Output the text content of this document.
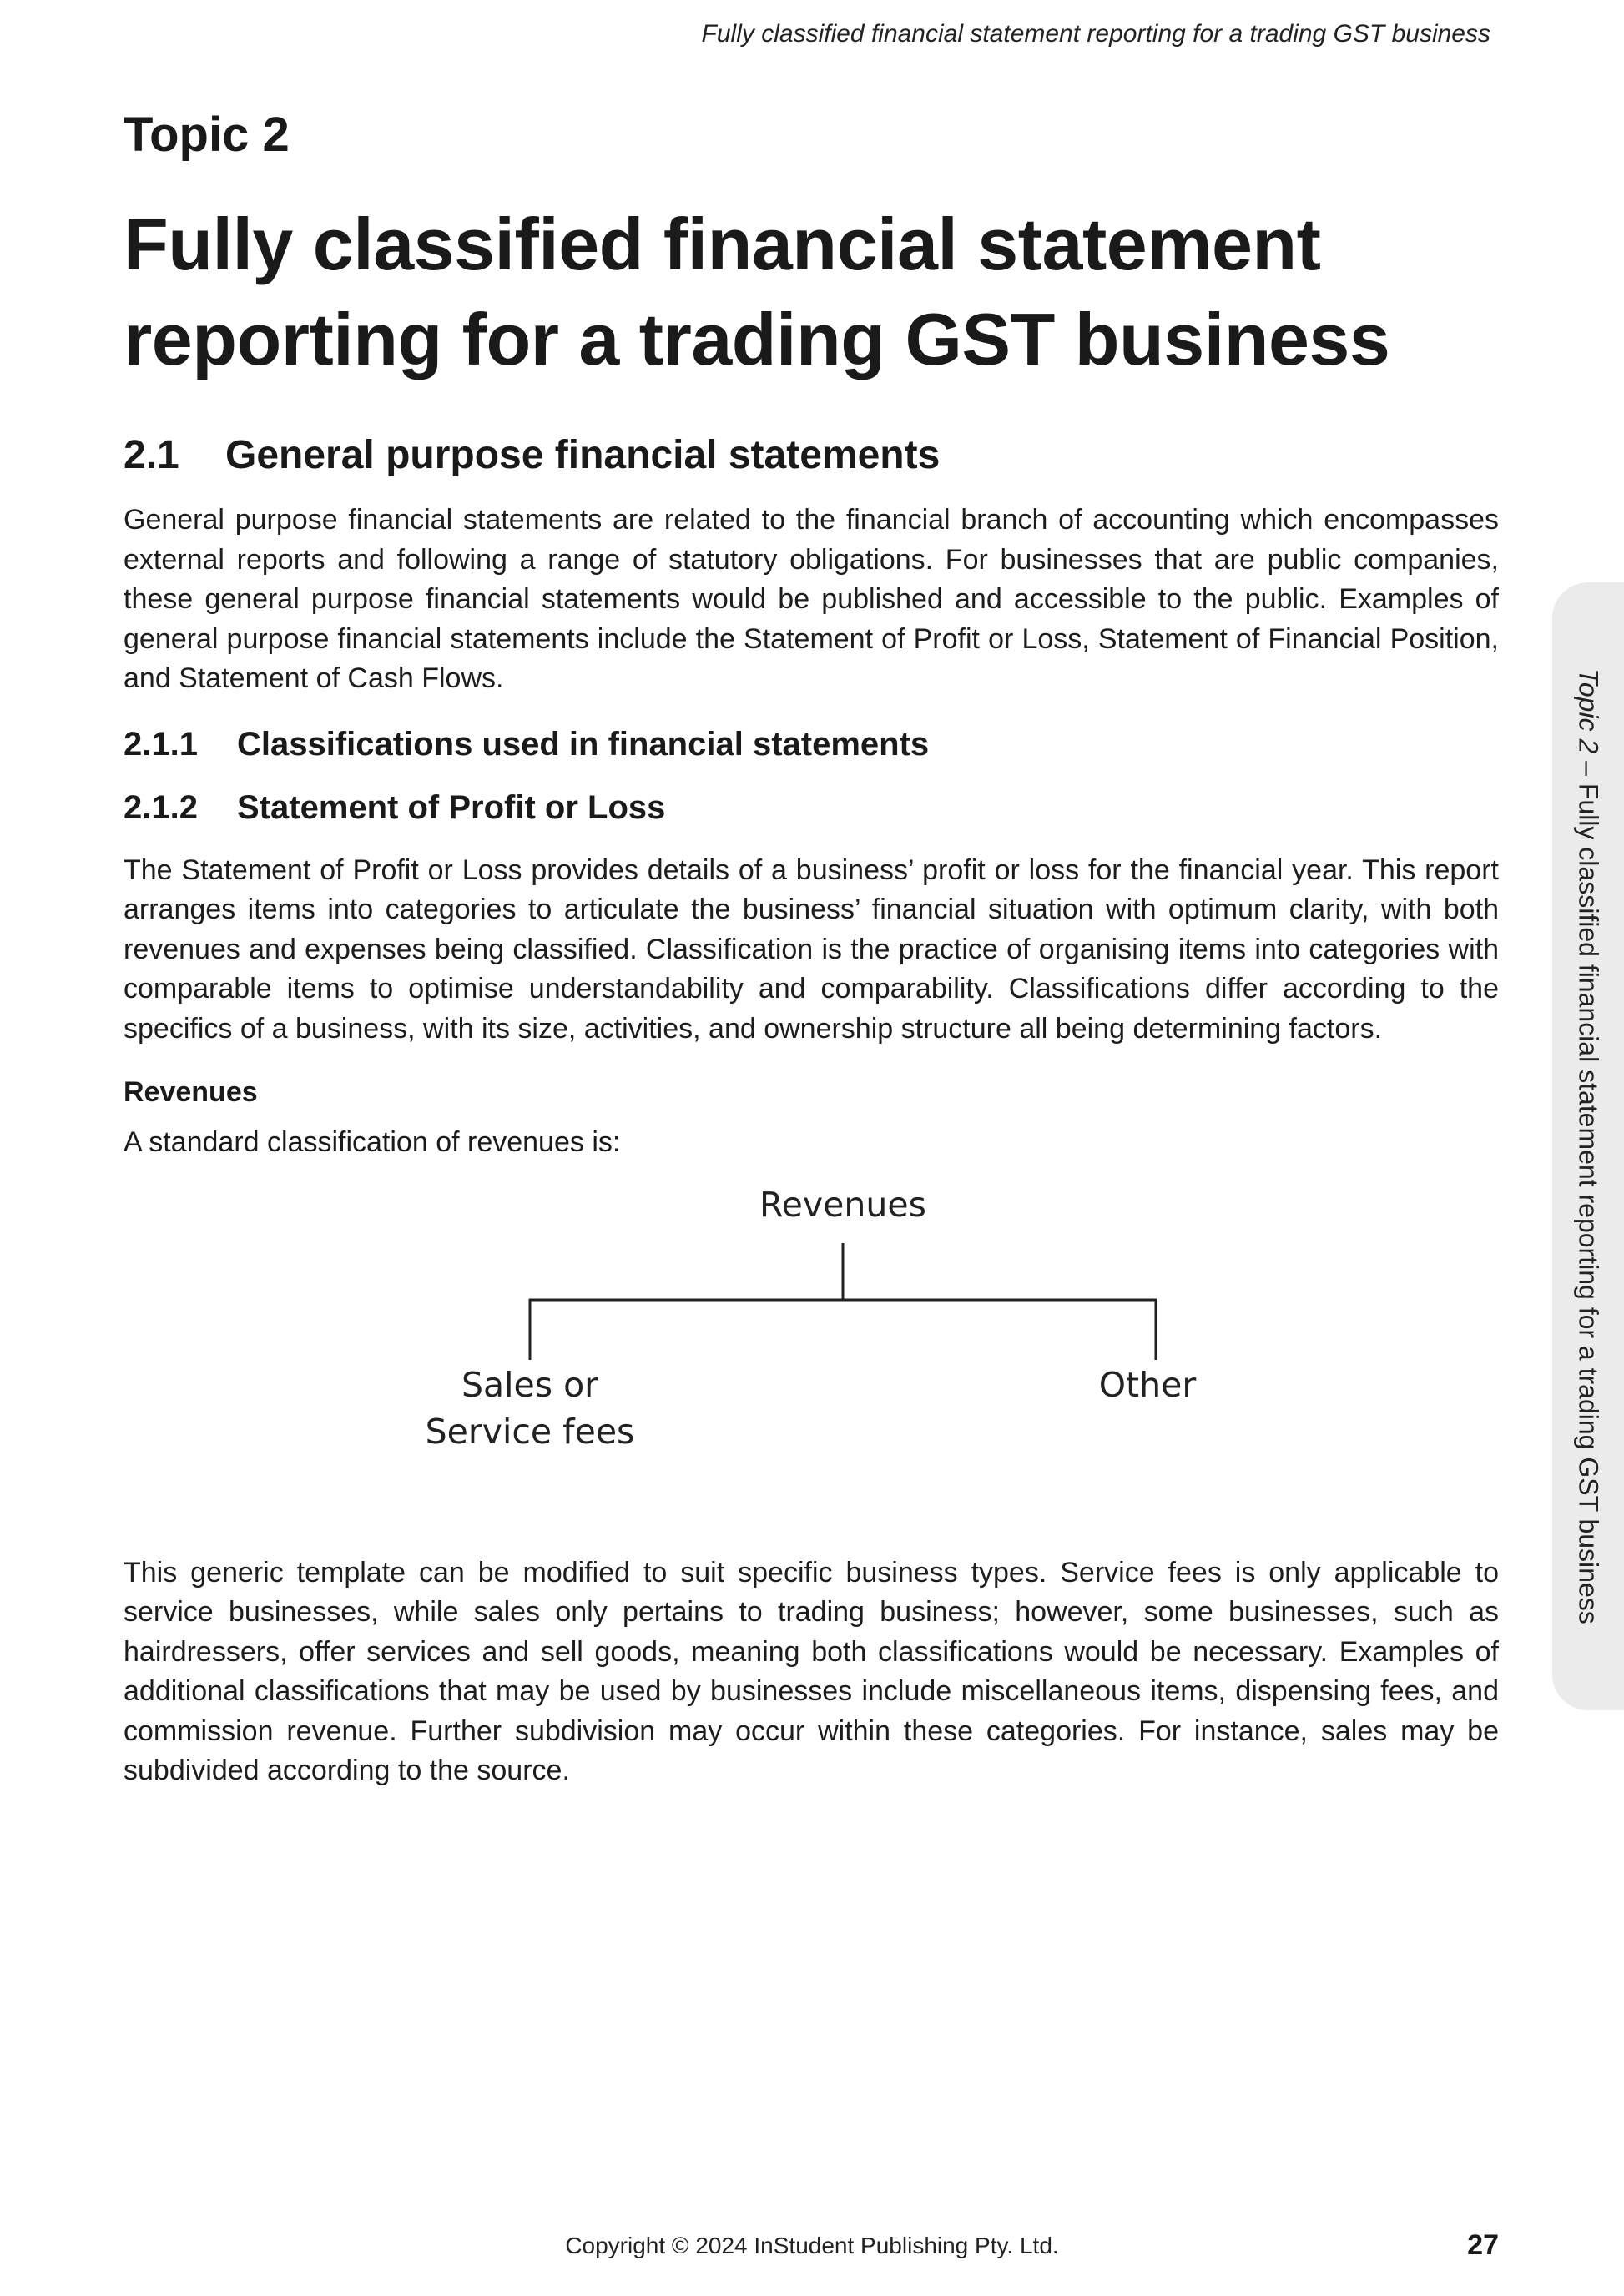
Fully classified financial statement reporting for a trading GST business
Topic 2
Fully classified financial statement
reporting for a trading GST business
2.1	General purpose financial statements

General purpose financial statements are related to the financial branch of accounting which encompasses external reports and following a range of statutory obligations. For businesses that are public companies, these general purpose financial statements would be published and accessible to the public. Examples of general purpose financial statements include the Statement of Profit or Loss, Statement of Financial Position, and Statement of Cash Flows.

2.1.1	Classifications used in financial statements
2.1.2	Statement of Profit or Loss

The Statement of Profit or Loss provides details of a business’ profit or loss for the financial year. This report arranges items into categories to articulate the business’ financial situation with optimum clarity, with both revenues and expenses being classified. Classification is the practice of organising items into categories with comparable items to optimise understandability and comparability. Classifications differ according to the specifics of a business, with its size, activities, and ownership structure all being determining factors.

Revenues

A standard classification of revenues is:

Revenues
Sales or
Service fees
Other

This generic template can be modified to suit specific business types. Service fees is only applicable to service businesses, while sales only pertains to trading business; however, some businesses, such as hairdressers, offer services and sell goods, meaning both classifications would be necessary. Examples of additional classifications that may be used by businesses include miscellaneous items, dispensing fees, and commission revenue. Further subdivision may occur within these categories. For instance, sales may be subdivided according to the source.

Topic 2 – Fully classified financial statement reporting for a trading GST business
Copyright © 2024 InStudent Publishing Pty. Ltd.	27
